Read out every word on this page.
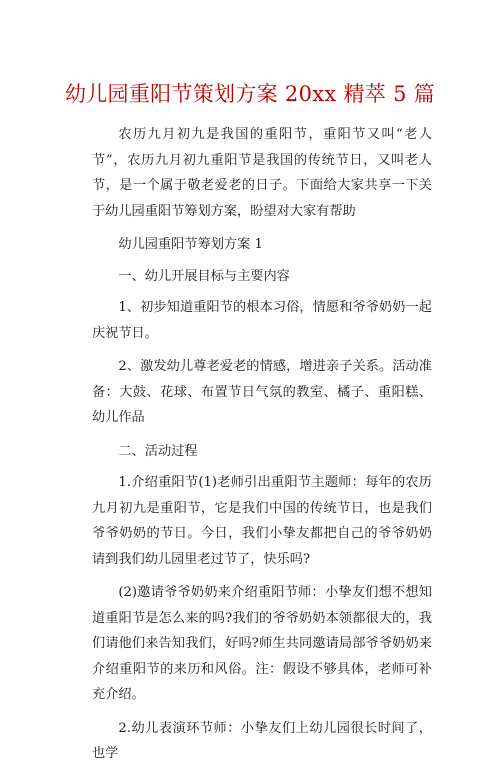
幼儿园重阳节策划方案 20xx 精萃 5 篇

农历九月初九是我国的重阳节，重阳节又叫“老人节”，农历九月初九重阳节是我国的传统节日，又叫老人节，是一个属于敬老爱老的日子。下面给大家共享一下关于幼儿园重阳节筹划方案，盼望对大家有帮助

幼儿园重阳节筹划方案 1

一、幼儿开展目标与主要内容

1、初步知道重阳节的根本习俗，情愿和爷爷奶奶一起庆祝节日。

2、激发幼儿尊老爱老的情感，增进亲子关系。活动准备：大鼓、花球、布置节日气氛的教室、橘子、重阳糕、幼儿作品

二、活动过程

1.介绍重阳节(1)老师引出重阳节主题师：每年的农历九月初九是重阳节，它是我们中国的传统节日，也是我们爷爷奶奶的节日。今日，我们小挚友都把自己的爷爷奶奶请到我们幼儿园里老过节了，快乐吗?

(2)邀请爷爷奶奶来介绍重阳节师：小挚友们想不想知道重阳节是怎么来的吗?我们的爷爷奶奶本领都很大的，我们请他们来告知我们，好吗?师生共同邀请局部爷爷奶奶来介绍重阳节的来历和风俗。注：假设不够具体，老师可补充介绍。

2.幼儿表演环节师：小挚友们上幼儿园很长时间了，也学
